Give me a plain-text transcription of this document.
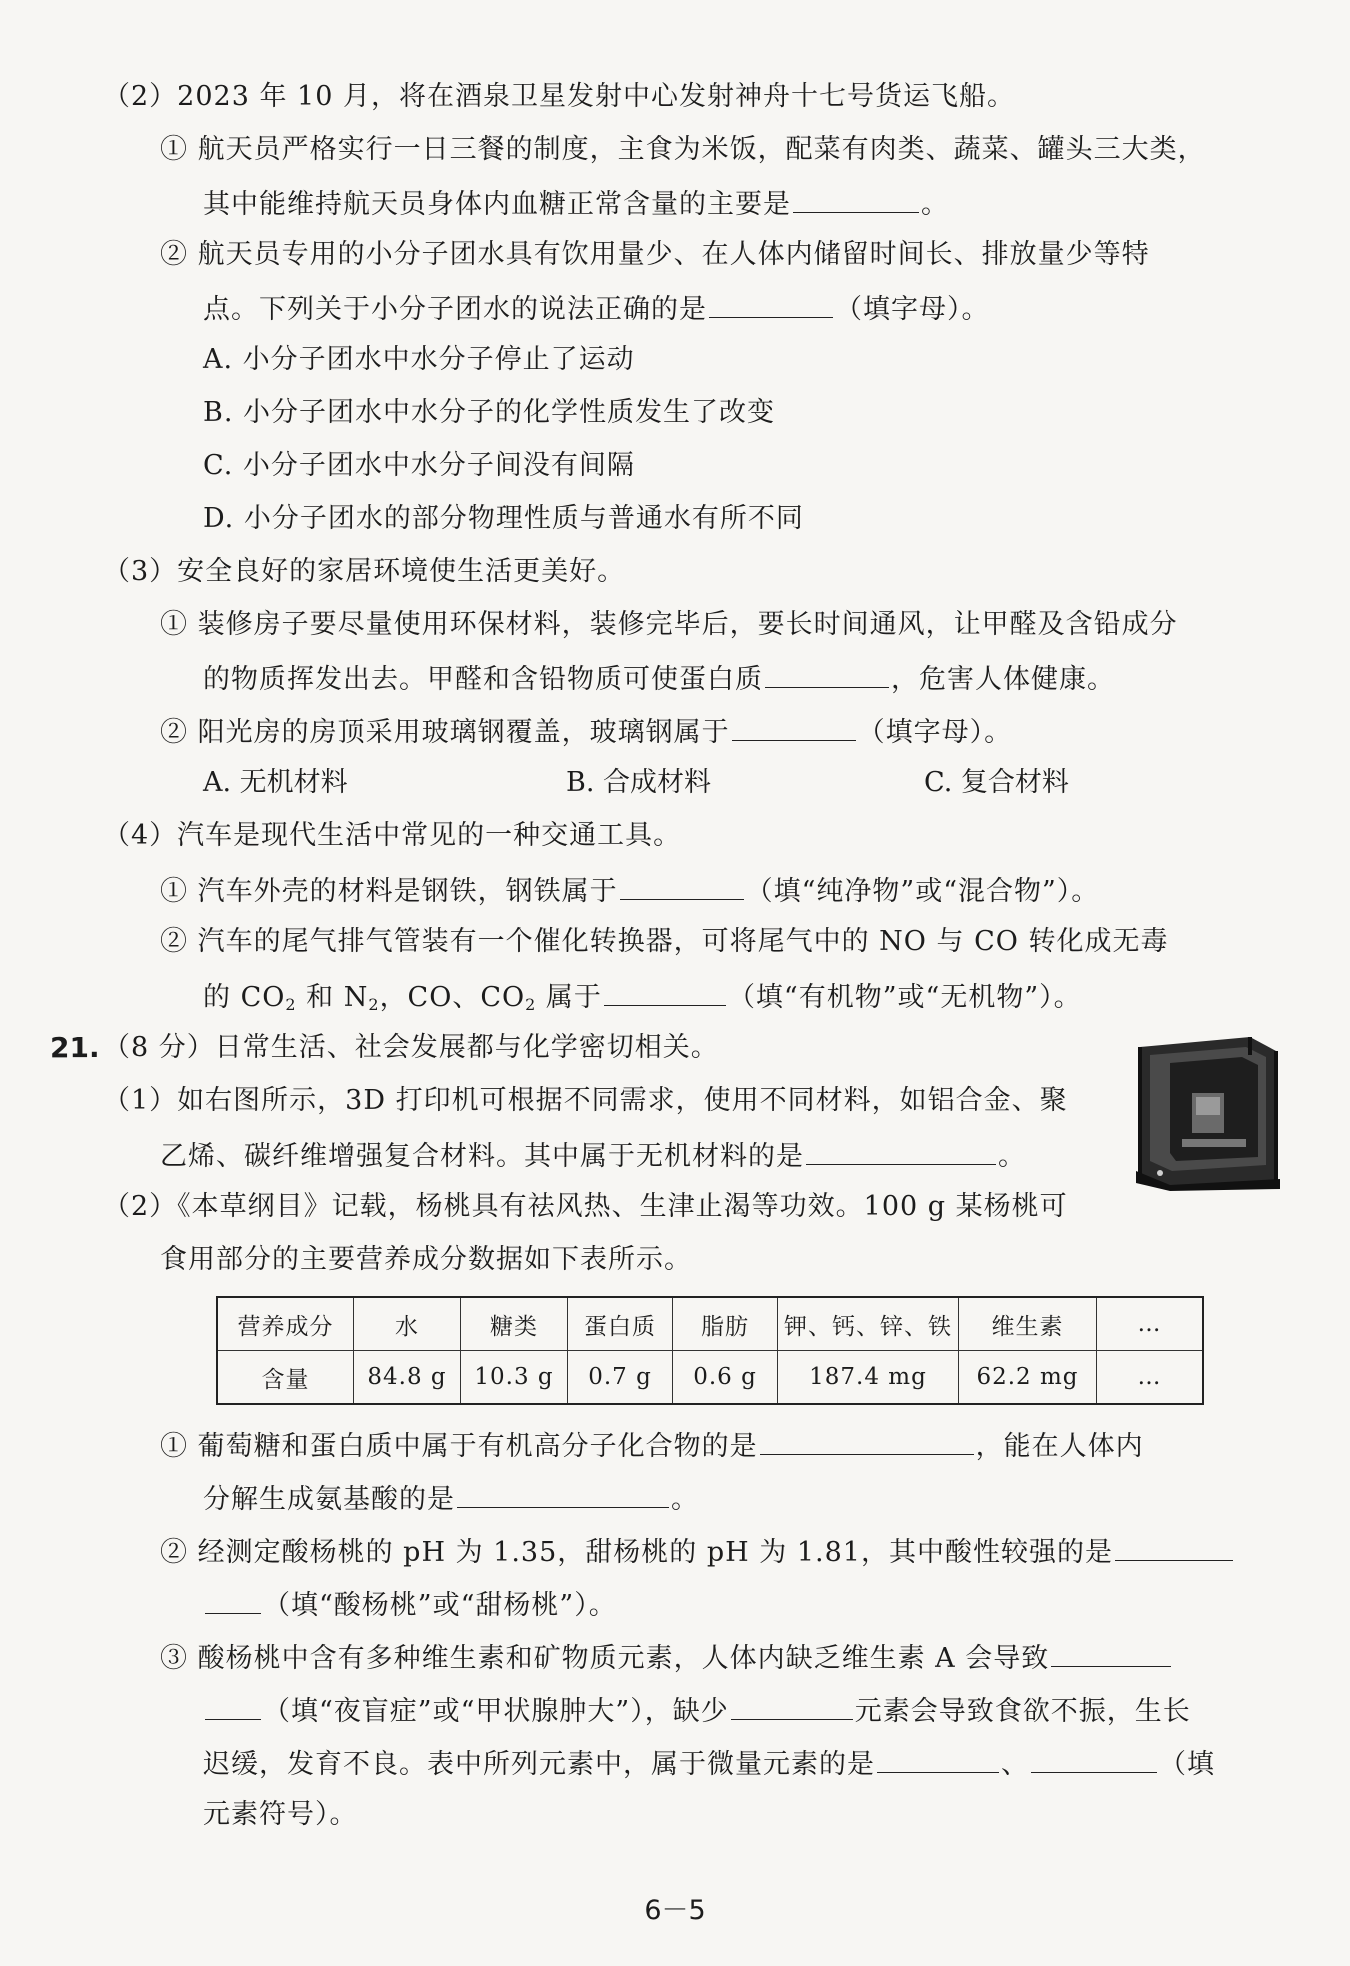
（2）2023 年 10 月，将在酒泉卫星发射中心发射神舟十七号货运飞船。
① 航天员严格实行一日三餐的制度，主食为米饭，配菜有肉类、蔬菜、罐头三大类，
其中能维持航天员身体内血糖正常含量的主要是	。
② 航天员专用的小分子团水具有饮用量少、在人体内储留时间长、排放量少等特
点。下列关于小分子团水的说法正确的是	（填字母）。
A. 小分子团水中水分子停止了运动
B. 小分子团水中水分子的化学性质发生了改变
C. 小分子团水中水分子间没有间隔
D. 小分子团水的部分物理性质与普通水有所不同
（3）安全良好的家居环境使生活更美好。
① 装修房子要尽量使用环保材料，装修完毕后，要长时间通风，让甲醛及含铅成分
的物质挥发出去。甲醛和含铅物质可使蛋白质	，危害人体健康。
② 阳光房的房顶采用玻璃钢覆盖，玻璃钢属于	（填字母）。
A. 无机材料	B. 合成材料	C. 复合材料
（4）汽车是现代生活中常见的一种交通工具。
① 汽车外壳的材料是钢铁，钢铁属于	（填“纯净物”或“混合物”）。
② 汽车的尾气排气管装有一个催化转换器，可将尾气中的 NO 与 CO 转化成无毒
的 $CO_2$ 和 $N_2$，CO、$CO_2$ 属于	（填“有机物”或“无机物”）。
21. （8 分）日常生活、社会发展都与化学密切相关。
（1）如右图所示，3D 打印机可根据不同需求，使用不同材料，如铝合金、聚
乙烯、碳纤维增强复合材料。其中属于无机材料的是	。
（2）《本草纲目》记载，杨桃具有祛风热、生津止渴等功效。100 g 某杨桃可
食用部分的主要营养成分数据如下表所示。
营养成分	水	糖类	蛋白质	脂肪	钾、钙、锌、铁	维生素	…
含量	84.8 g	10.3 g	0.7 g	0.6 g	187.4 mg	62.2 mg	…
① 葡萄糖和蛋白质中属于有机高分子化合物的是	，能在人体内
分解生成氨基酸的是	。
② 经测定酸杨桃的 pH 为 1.35，甜杨桃的 pH 为 1.81，其中酸性较强的是
（填“酸杨桃”或“甜杨桃”）。
③ 酸杨桃中含有多种维生素和矿物质元素，人体内缺乏维生素 A 会导致
（填“夜盲症”或“甲状腺肿大”），缺少	元素会导致食欲不振，生长
迟缓，发育不良。表中所列元素中，属于微量元素的是	、	（填
元素符号）。
6－5
